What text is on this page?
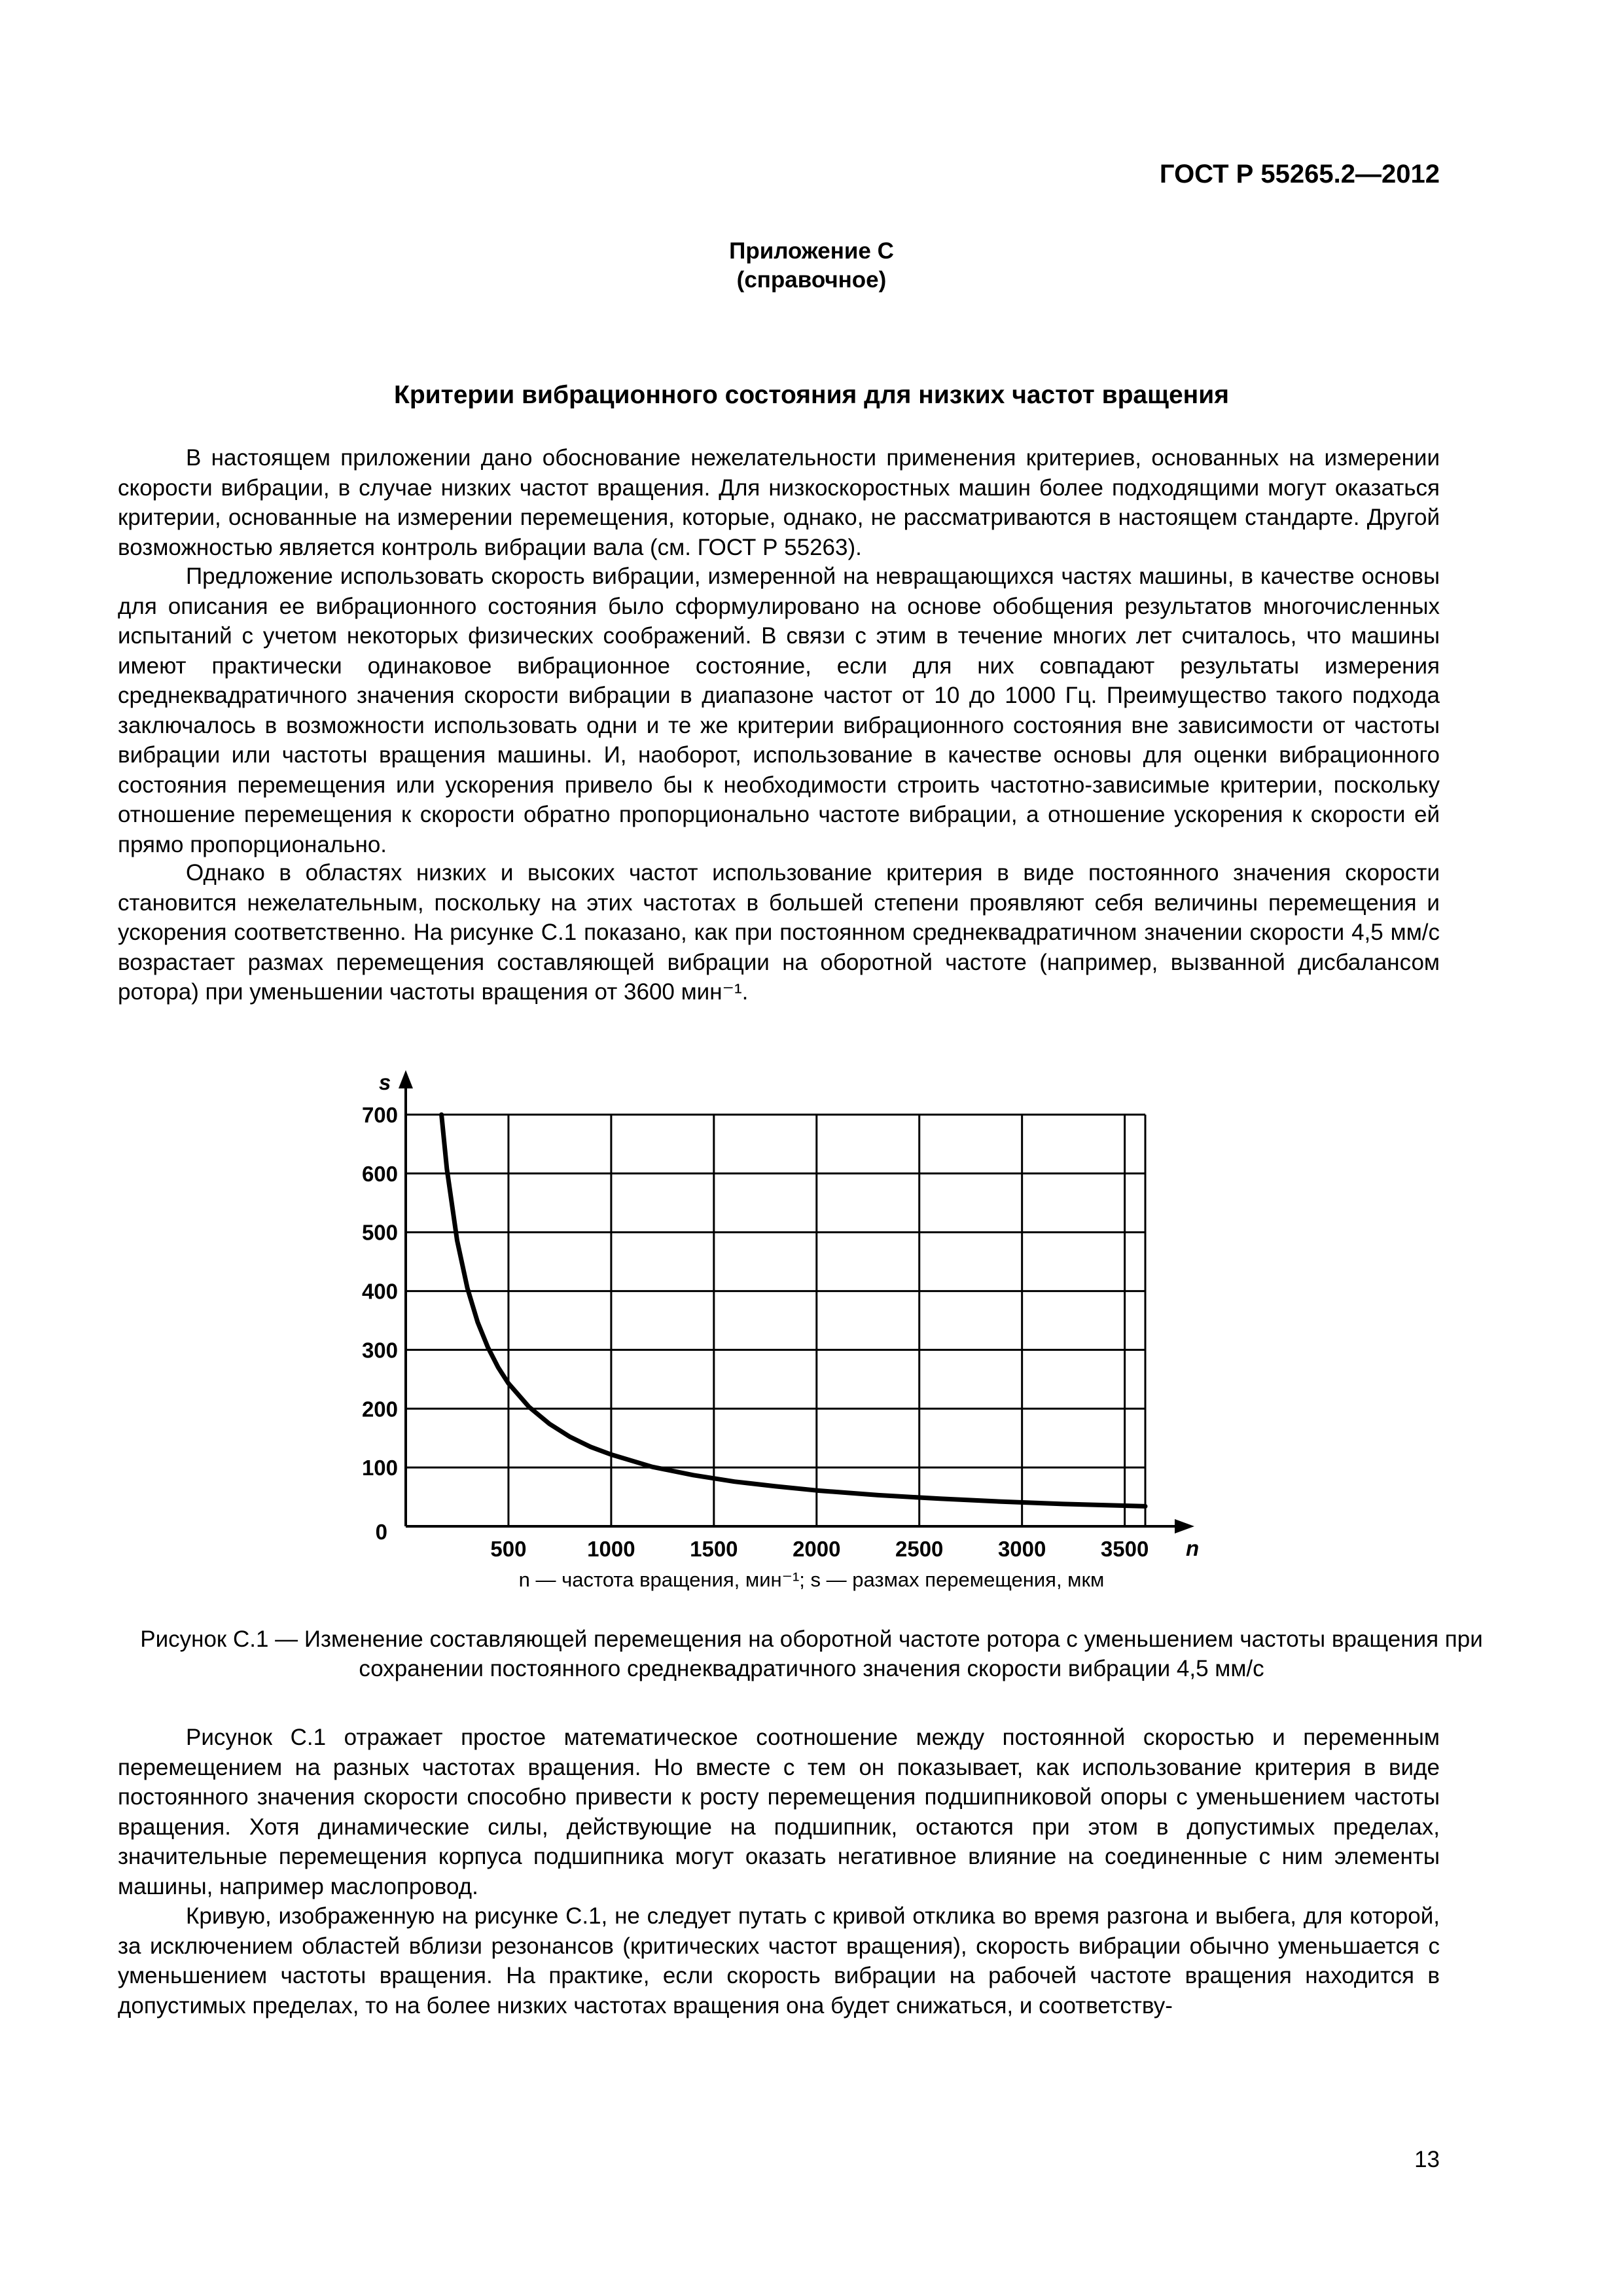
ГОСТ Р 55265.2—2012
Приложение С
(справочное)
Критерии вибрационного состояния для низких частот вращения

В настоящем приложении дано обоснование нежелательности применения критериев, основанных на измерении скорости вибрации, в случае низких частот вращения. Для низкоскоростных машин более подходящими могут оказаться критерии, основанные на измерении перемещения, которые, однако, не рассматриваются в настоящем стандарте. Другой возможностью является контроль вибрации вала (см. ГОСТ Р 55263).

Предложение использовать скорость вибрации, измеренной на невращающихся частях машины, в качестве основы для описания ее вибрационного состояния было сформулировано на основе обобщения результатов многочисленных испытаний с учетом некоторых физических соображений. В связи с этим в течение многих лет считалось, что машины имеют практически одинаковое вибрационное состояние, если для них совпадают результаты измерения среднеквадратичного значения скорости вибрации в диапазоне частот от 10 до 1000 Гц. Преимущество такого подхода заключалось в возможности использовать одни и те же критерии вибрационного состояния вне зависимости от частоты вибрации или частоты вращения машины. И, наоборот, использование в качестве основы для оценки вибрационного состояния перемещения или ускорения привело бы к необходимости строить частотно-зависимые критерии, поскольку отношение перемещения к скорости обратно пропорционально частоте вибрации, а отношение ускорения к скорости ей прямо пропорционально.

Однако в областях низких и высоких частот использование критерия в виде постоянного значения скорости становится нежелательным, поскольку на этих частотах в большей степени проявляют себя величины перемещения и ускорения соответственно. На рисунке С.1 показано, как при постоянном среднеквадратичном значении скорости 4,5 мм/с возрастает размах перемещения составляющей вибрации на оборотной частоте (например, вызванной дисбалансом ротора) при уменьшении частоты вращения от 3600 мин⁻¹.

s
n
0
100
200
300
400
500
600
700
500	1000	1500	2000	2500	3000	3500
n — частота вращения, мин⁻¹; s — размах перемещения, мкм
Рисунок С.1 — Изменение составляющей перемещения на оборотной частоте ротора с уменьшением частоты вращения при сохранении постоянного среднеквадратичного значения скорости вибрации 4,5 мм/с

Рисунок С.1 отражает простое математическое соотношение между постоянной скоростью и переменным перемещением на разных частотах вращения. Но вместе с тем он показывает, как использование критерия в виде постоянного значения скорости способно привести к росту перемещения подшипниковой опоры с уменьшением частоты вращения. Хотя динамические силы, действующие на подшипник, остаются при этом в допустимых пределах, значительные перемещения корпуса подшипника могут оказать негативное влияние на соединенные с ним элементы машины, например маслопровод.

Кривую, изображенную на рисунке С.1, не следует путать с кривой отклика во время разгона и выбега, для которой, за исключением областей вблизи резонансов (критических частот вращения), скорость вибрации обычно уменьшается с уменьшением частоты вращения. На практике, если скорость вибрации на рабочей частоте вращения находится в допустимых пределах, то на более низких частотах вращения она будет снижаться, и соответству-

13
